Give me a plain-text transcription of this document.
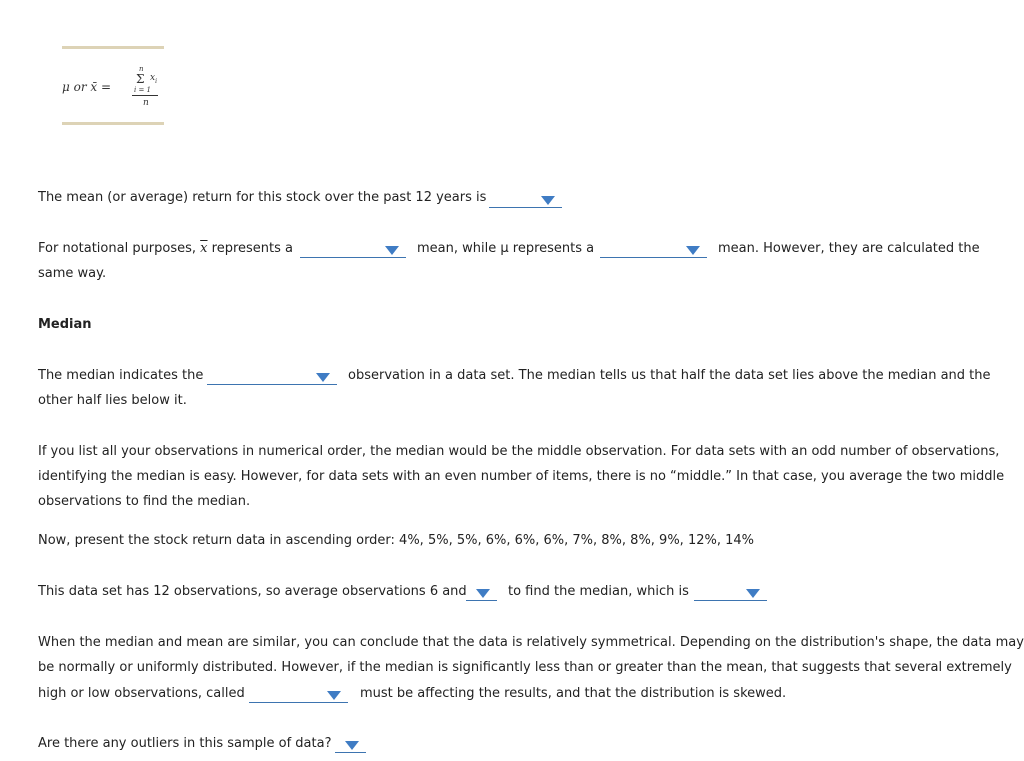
μ or x̄ =
n
Σ $x_i$
i = 1
n
The mean (or average) return for this stock over the past 12 years is
For notational purposes, $\overline{x}$ represents a	mean, while μ represents a	mean. However, they are calculated the
same way.
Median
The median indicates the	observation in a data set. The median tells us that half the data set lies above the median and the
other half lies below it.
If you list all your observations in numerical order, the median would be the middle observation. For data sets with an odd number of observations,
identifying the median is easy. However, for data sets with an even number of items, there is no “middle.” In that case, you average the two middle
observations to find the median.
Now, present the stock return data in ascending order: 4%, 5%, 5%, 6%, 6%, 6%, 7%, 8%, 8%, 9%, 12%, 14%
This data set has 12 observations, so average observations 6 and	to find the median, which is
When the median and mean are similar, you can conclude that the data is relatively symmetrical. Depending on the distribution's shape, the data may
be normally or uniformly distributed. However, if the median is significantly less than or greater than the mean, that suggests that several extremely
high or low observations, called	must be affecting the results, and that the distribution is skewed.
Are there any outliers in this sample of data?
